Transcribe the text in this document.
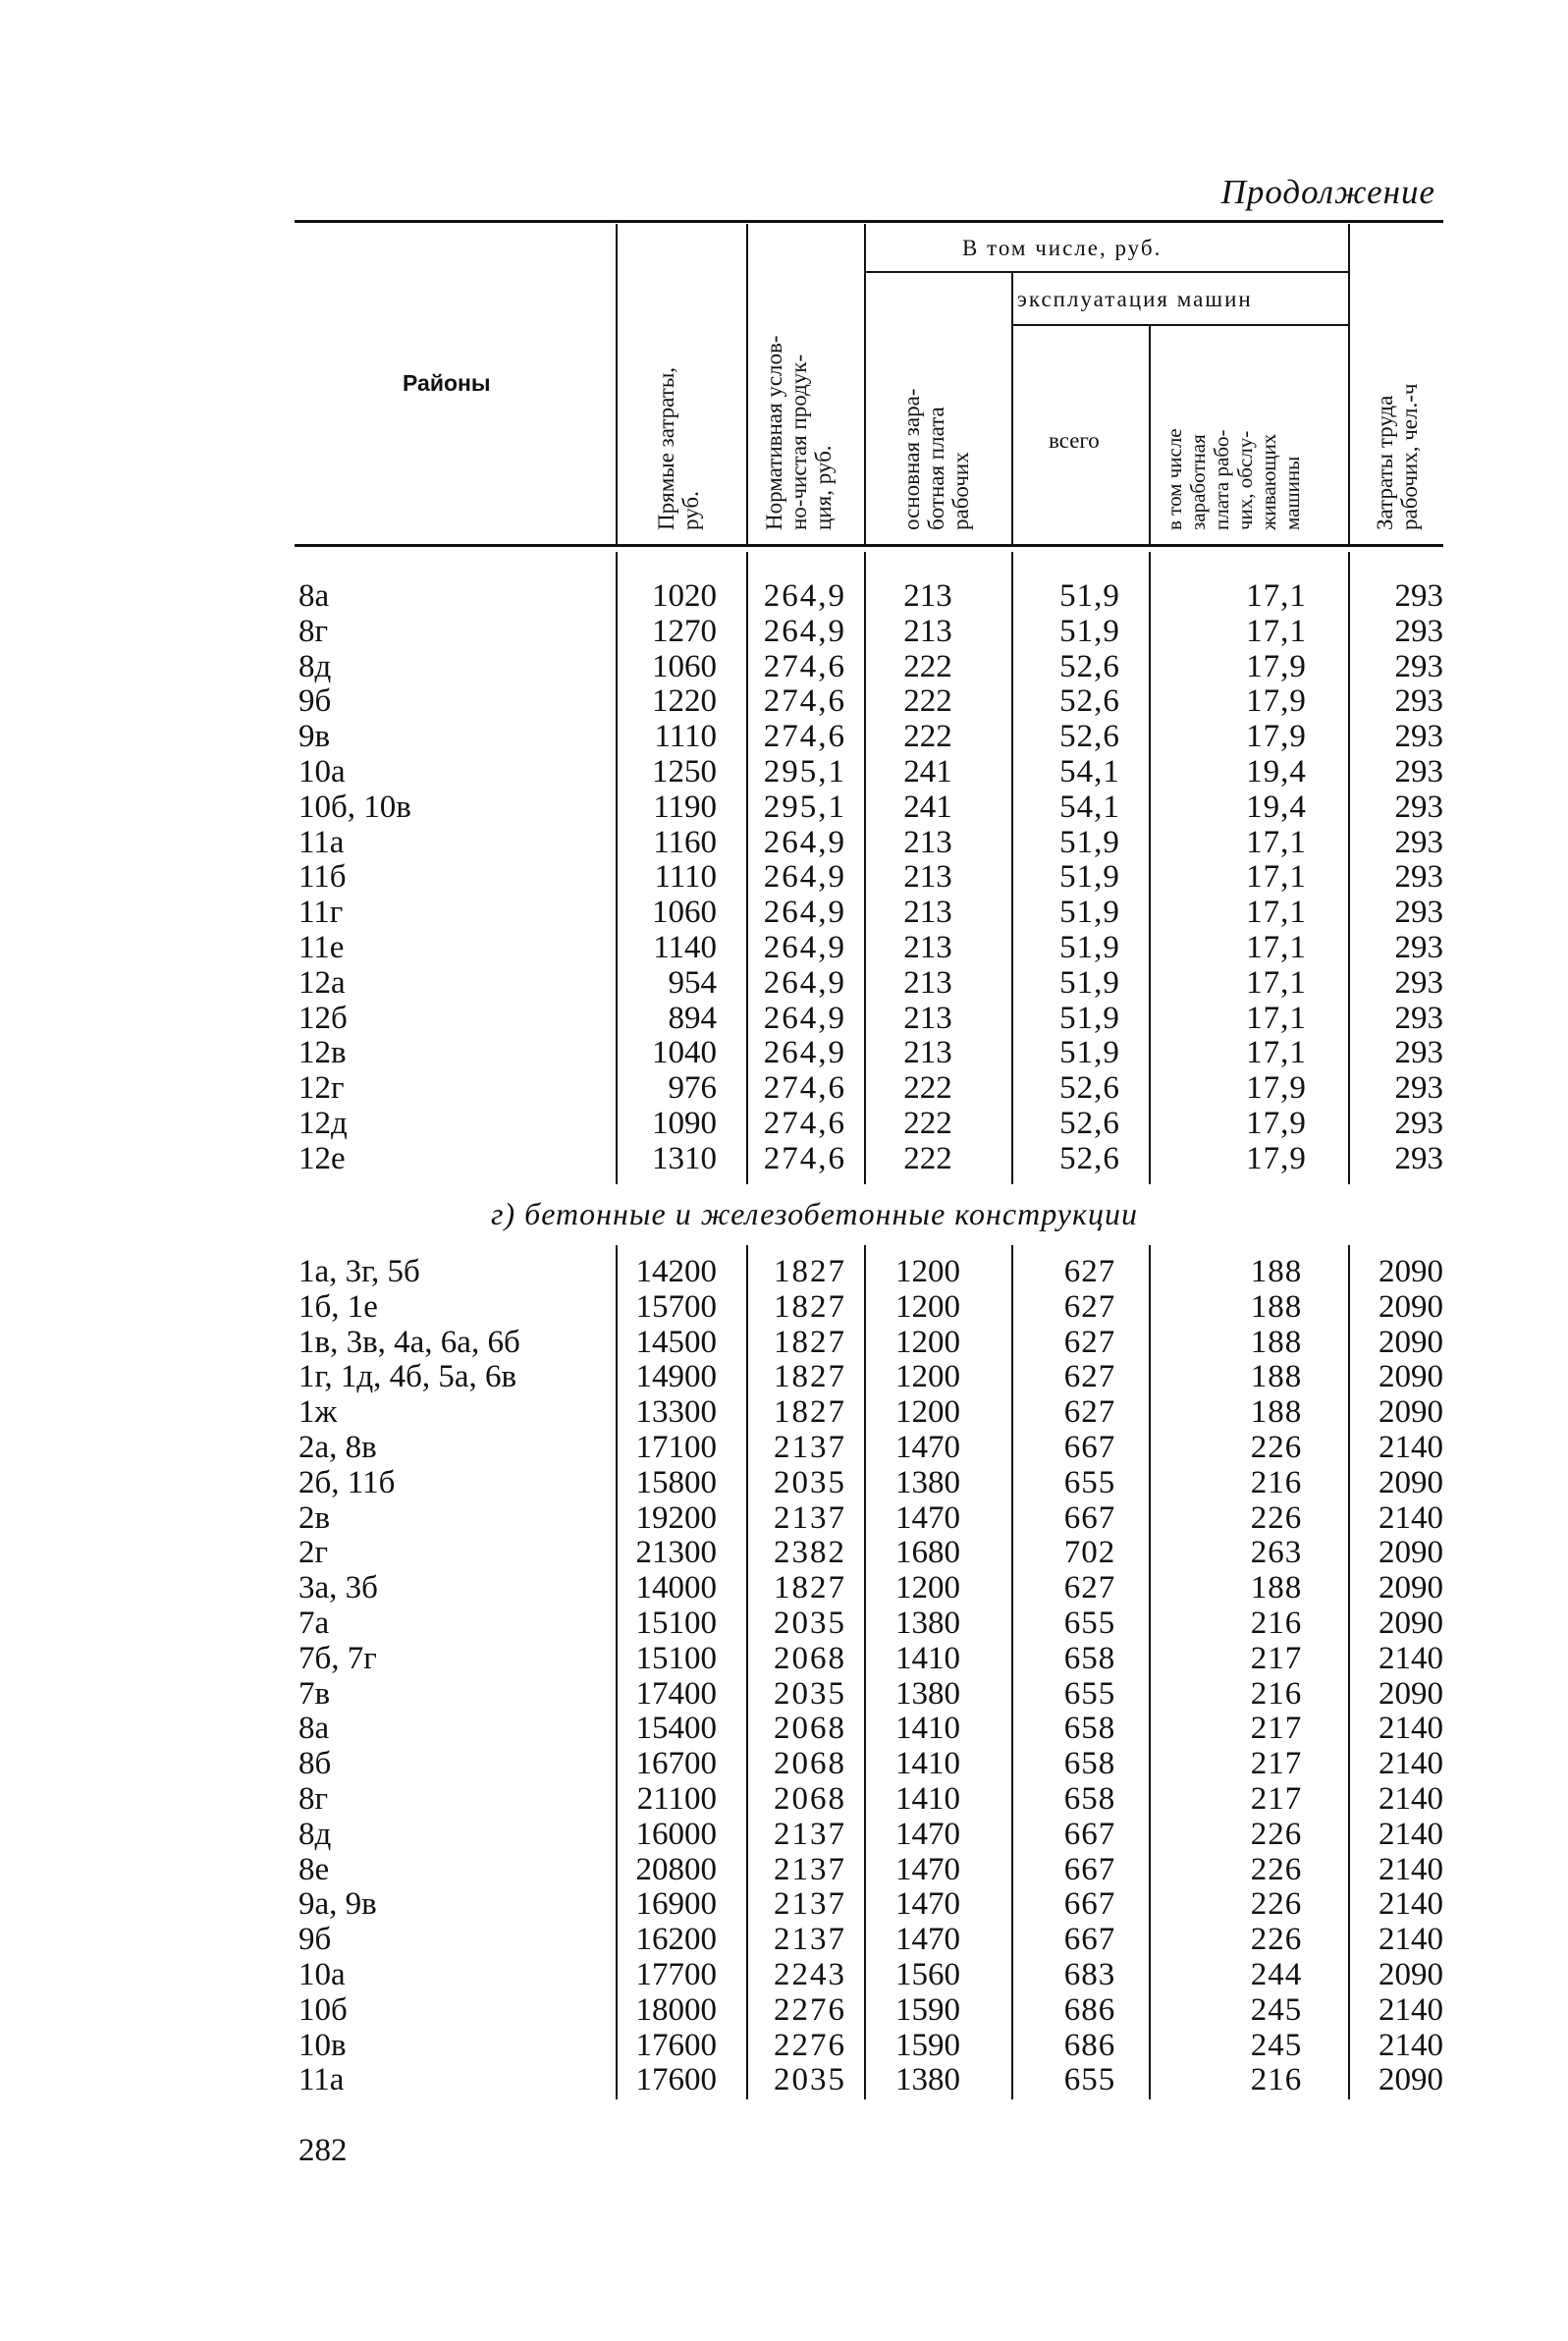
Продолжение
Районы
Прямые затраты,
руб.	Нормативная услов-
но-чистая продук-
ция, руб.
В том числе, руб.
основная зара-
ботная плата
рабочих
эксплуатация машин
всего
в том числе
заработная
плата рабо-
чих, обслу-
живающих
машины	Затраты труда
рабочих, чел.-ч
8а	1020	264,9	213	51,9	17,1	293
8г	1270	264,9	213	51,9	17,1	293
8д	1060	274,6	222	52,6	17,9	293
9б	1220	274,6	222	52,6	17,9	293
9в	1110	274,6	222	52,6	17,9	293
10а	1250	295,1	241	54,1	19,4	293
10б, 10в	1190	295,1	241	54,1	19,4	293
11а	1160	264,9	213	51,9	17,1	293
11б	1110	264,9	213	51,9	17,1	293
11г	1060	264,9	213	51,9	17,1	293
11е	1140	264,9	213	51,9	17,1	293
12а	954	264,9	213	51,9	17,1	293
12б	894	264,9	213	51,9	17,1	293
12в	1040	264,9	213	51,9	17,1	293
12г	976	274,6	222	52,6	17,9	293
12д	1090	274,6	222	52,6	17,9	293
12е	1310	274,6	222	52,6	17,9	293
г) бетонные и железобетонные конструкции
1а, 3г, 5б	14200	1827	1200	627	188	2090
1б, 1е	15700	1827	1200	627	188	2090
1в, 3в, 4а, 6а, 6б	14500	1827	1200	627	188	2090
1г, 1д, 4б, 5а, 6в	14900	1827	1200	627	188	2090
1ж	13300	1827	1200	627	188	2090
2а, 8в	17100	2137	1470	667	226	2140
2б, 11б	15800	2035	1380	655	216	2090
2в	19200	2137	1470	667	226	2140
2г	21300	2382	1680	702	263	2090
3а, 3б	14000	1827	1200	627	188	2090
7а	15100	2035	1380	655	216	2090
7б, 7г	15100	2068	1410	658	217	2140
7в	17400	2035	1380	655	216	2090
8а	15400	2068	1410	658	217	2140
8б	16700	2068	1410	658	217	2140
8г	21100	2068	1410	658	217	2140
8д	16000	2137	1470	667	226	2140
8е	20800	2137	1470	667	226	2140
9а, 9в	16900	2137	1470	667	226	2140
9б	16200	2137	1470	667	226	2140
10а	17700	2243	1560	683	244	2090
10б	18000	2276	1590	686	245	2140
10в	17600	2276	1590	686	245	2140
11а	17600	2035	1380	655	216	2090
282
